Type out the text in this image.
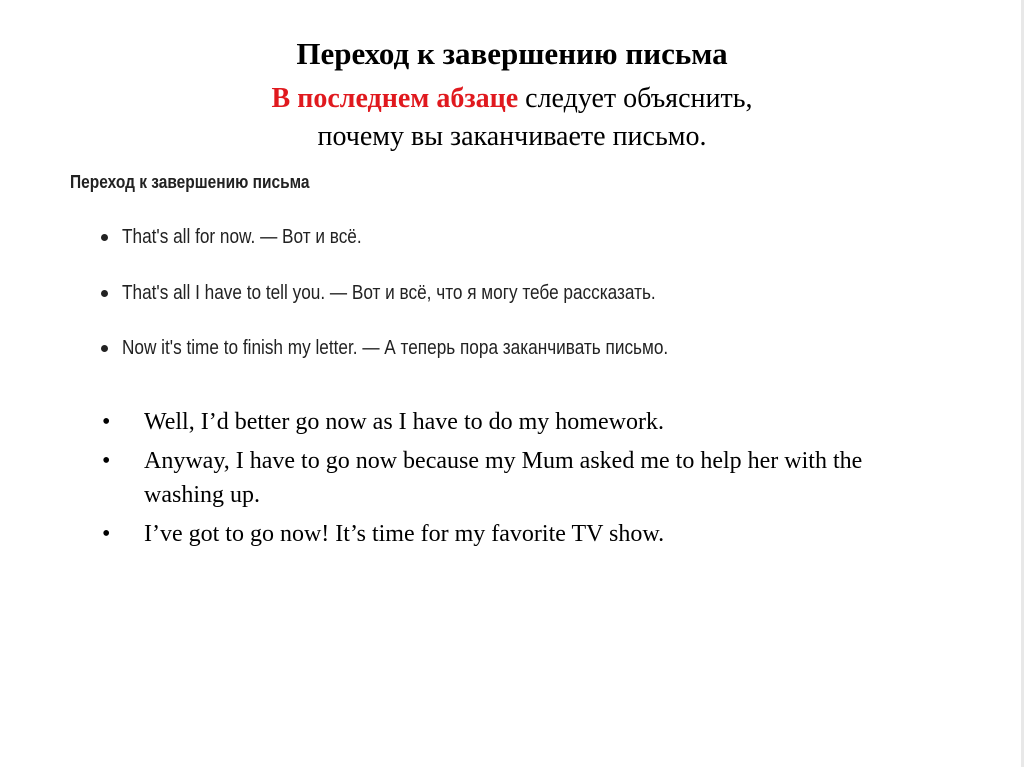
Переход к завершению письма
В последнем абзаце следует объяснить,
почему вы заканчиваете письмо.
Переход к завершению письма
That's all for now. — Вот и всё.
That's all I have to tell you. — Вот и всё, что я могу тебе рассказать.
Now it's time to finish my letter. — А теперь пора заканчивать письмо.
• Well, I’d better go now as I have to do my homework.
• Anyway, I have to go now because my Mum asked me to help her with the washing up.
• I’ve got to go now! It’s time for my favorite TV show.
